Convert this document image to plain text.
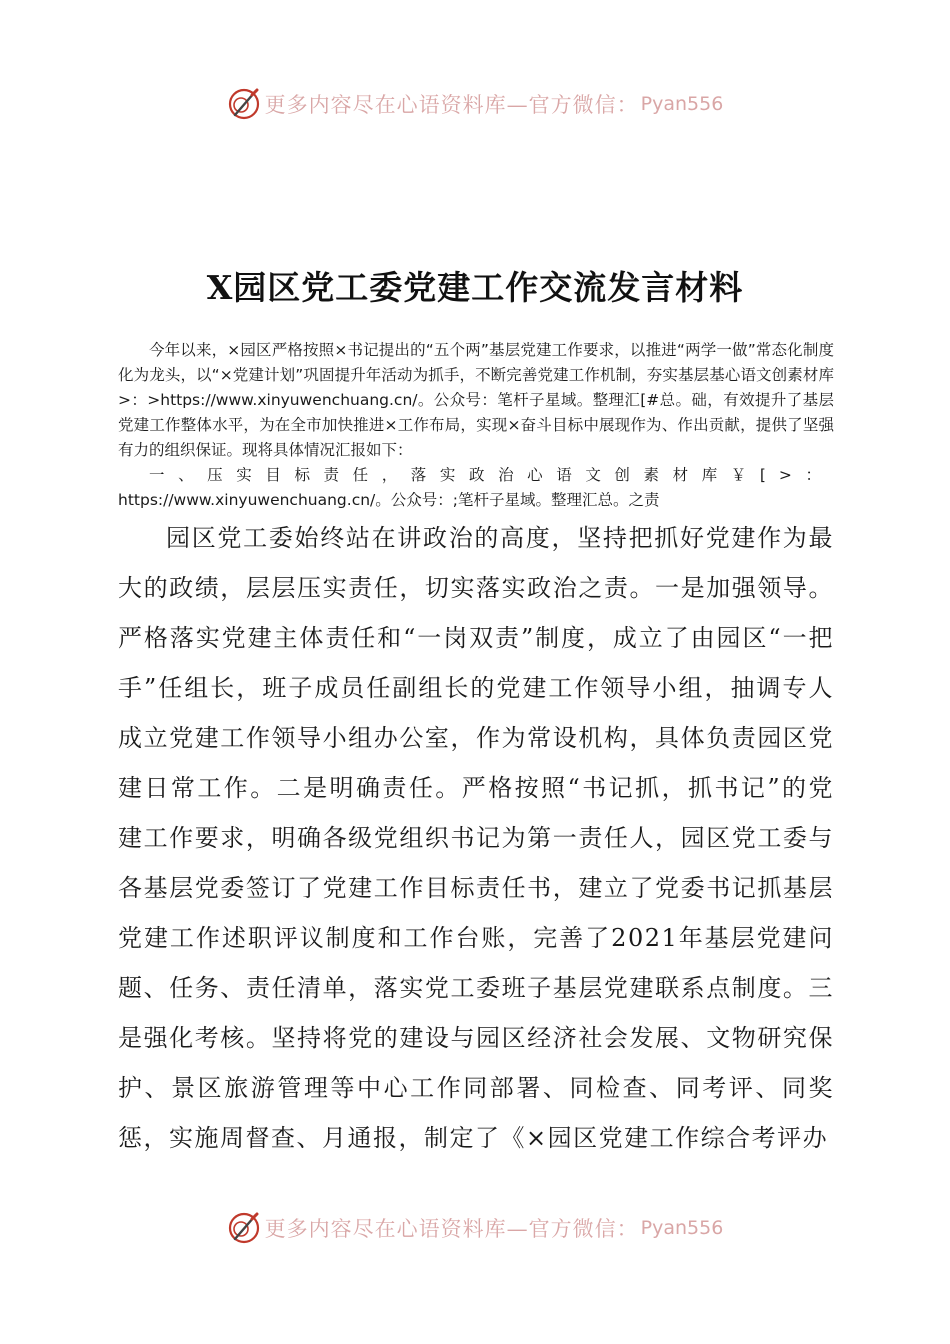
更多内容尽在心语资料库—官方微信： Pyan556
X园区党工委党建工作交流发言材料

今年以来，×园区严格按照×书记提出的“五个两”基层党建工作要求，以推进“两学一做”常态化制度化为龙头，以“×党建计划”巩固提升年活动为抓手，不断完善党建工作机制，夯实基层基心语文创素材库>：>https://www.xinyuwenchuang.cn/。公众号：笔杆子星域。整理汇[#总。础，有效提升了基层党建工作整体水平，为在全市加快推进×工作布局，实现×奋斗目标中展现作为、作出贡献，提供了坚强有力的组织保证。现将具体情况汇报如下：

一、压实目标责任，落实政治心语文创素材库￥[>：https://www.xinyuwenchuang.cn/。公众号：;笔杆子星域。整理汇总。之责

园区党工委始终站在讲政治的高度，坚持把抓好党建作为最大的政绩，层层压实责任，切实落实政治之责。一是加强领导。严格落实党建主体责任和“一岗双责”制度，成立了由园区“一把手”任组长，班子成员任副组长的党建工作领导小组，抽调专人成立党建工作领导小组办公室，作为常设机构，具体负责园区党建日常工作。二是明确责任。严格按照“书记抓，抓书记”的党建工作要求，明确各级党组织书记为第一责任人，园区党工委与各基层党委签订了党建工作目标责任书，建立了党委书记抓基层党建工作述职评议制度和工作台账，完善了2021年基层党建问题、任务、责任清单，落实党工委班子基层党建联系点制度。三是强化考核。坚持将党的建设与园区经济社会发展、文物研究保护、景区旅游管理等中心工作同部署、同检查、同考评、同奖惩，实施周督查、月通报，制定了《×园区党建工作综合考评办

更多内容尽在心语资料库—官方微信： Pyan556
